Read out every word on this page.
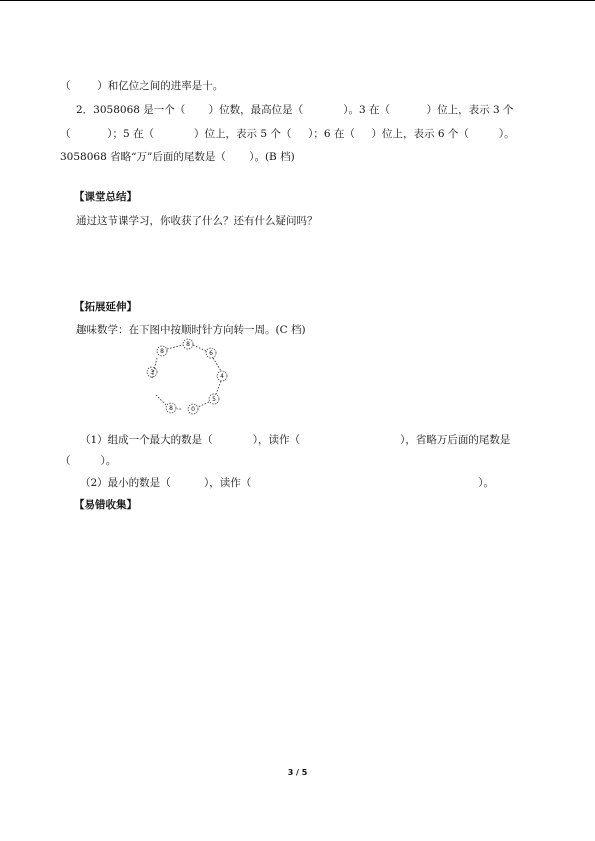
（        ）和亿位之间的进率是十。
2．3058068 是一个（       ）位数，最高位是（            ）。3 在（           ）位上，表示 3 个
（           ）；5 在（            ）位上，表示 5 个（     ）；6 在（     ）位上，表示 6 个（         ）。
3058068 省略“万”后面的尾数是（       ）。(B 档)
【课堂总结】
通过这节课学习，你收获了什么？还有什么疑问吗？
【拓展延伸】
趣味数学：在下图中按顺时针方向转一周。(C 档)
8
8
6
4
5
0
8
3
（1）组成一个最大的数是（            ），读作（                              ），省略万后面的尾数是
（         ）。
（2）最小的数是（          ），读作（                                                                    ）。
【易错收集】
3 / 5
